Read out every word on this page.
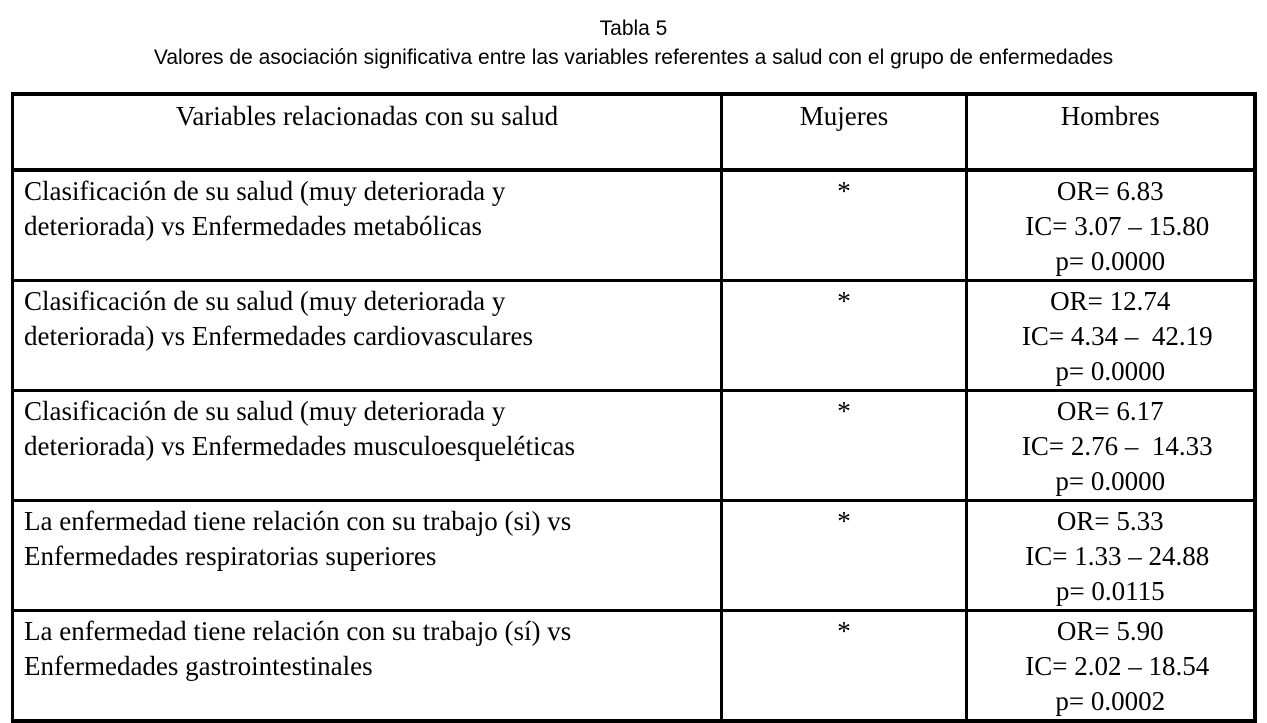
Tabla 5
Valores de asociación significativa entre las variables referentes a salud con el grupo de enfermedades
Variables relacionadas con su salud	Mujeres	Hombres

Clasificación de su salud (muy deteriorada y
deteriorada) vs Enfermedades metabólicas	*	OR= 6.83
IC= 3.07 – 15.80
p= 0.0000

Clasificación de su salud (muy deteriorada y
deteriorada) vs Enfermedades cardiovasculares	*	OR= 12.74
IC= 4.34 –  42.19
p= 0.0000

Clasificación de su salud (muy deteriorada y
deteriorada) vs Enfermedades musculoesqueléticas	*	OR= 6.17
IC= 2.76 –  14.33
p= 0.0000

La enfermedad tiene relación con su trabajo (si) vs
Enfermedades respiratorias superiores	*	OR= 5.33
IC= 1.33 – 24.88
p= 0.0115

La enfermedad tiene relación con su trabajo (sí) vs
Enfermedades gastrointestinales	*	OR= 5.90
IC= 2.02 – 18.54
p= 0.0002
